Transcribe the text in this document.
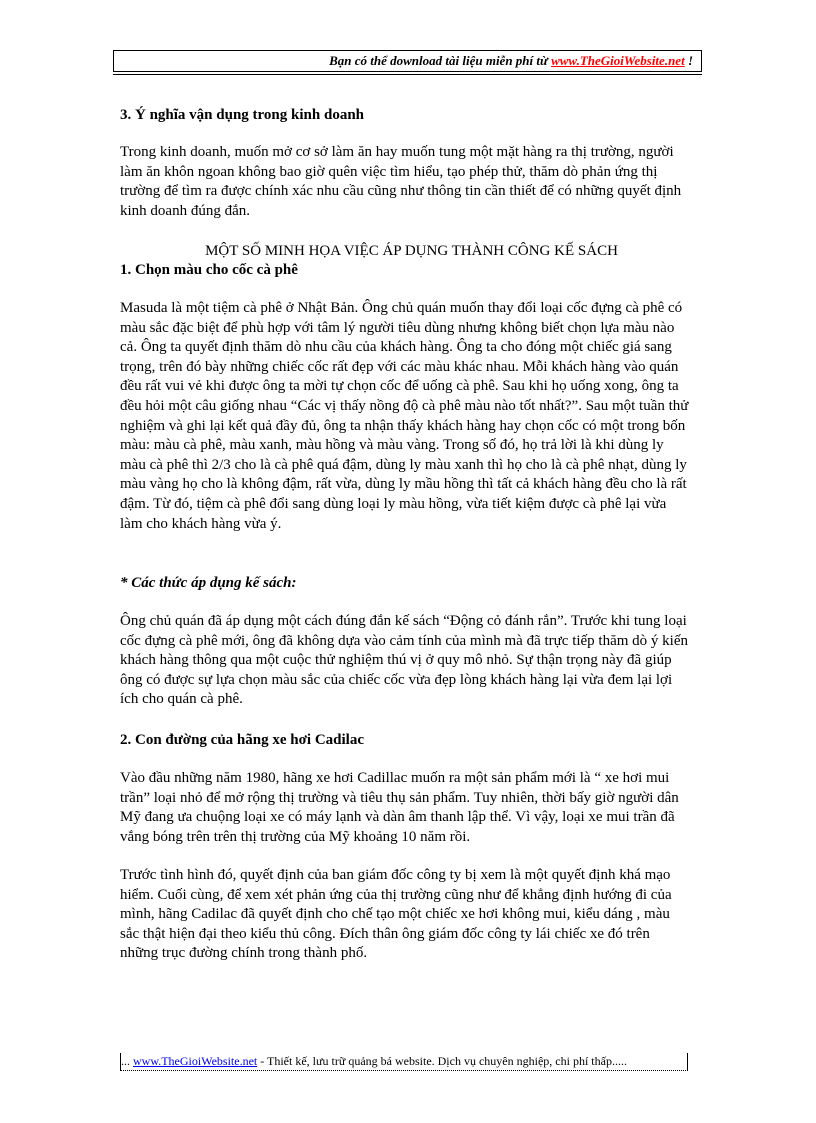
Bạn có thể download tài liệu miễn phí từ www.TheGioiWebsite.net !
3. Ý nghĩa vận dụng trong kinh doanh

Trong kinh doanh, muốn mở cơ sở làm ăn hay muốn tung một mặt hàng ra thị trường, người làm ăn khôn ngoan không bao giờ quên việc tìm hiểu, tạo phép thử, thăm dò phản ứng thị trường để tìm ra được chính xác nhu cầu cũng như thông tin cần thiết để có những quyết định kinh doanh đúng đắn.

MỘT SỐ MINH HỌA VIỆC ÁP DỤNG THÀNH CÔNG KẾ SÁCH
1. Chọn màu cho cốc cà phê

Masuda là một tiệm cà phê ở Nhật Bản. Ông chủ quán muốn thay đổi loại cốc đựng cà phê có màu sắc đặc biệt để phù hợp với tâm lý người tiêu dùng nhưng không biết chọn lựa màu nào cả. Ông ta quyết định thăm dò nhu cầu của khách hàng. Ông ta cho đóng một chiếc giá sang trọng, trên đó bày những chiếc cốc rất đẹp với các màu khác nhau. Mỗi khách hàng vào quán đều rất vui vẻ khi được ông ta mời tự chọn cốc để uống cà phê. Sau khi họ uống xong, ông ta đều hỏi một câu giống nhau “Các vị thấy nồng độ cà phê màu nào tốt nhất?”. Sau một tuần thử nghiệm và ghi lại kết quả đầy đủ, ông ta nhận thấy khách hàng hay chọn cốc có một trong bốn màu: màu cà phê, màu xanh, màu hồng và màu vàng. Trong số đó, họ trả lời là khi dùng ly màu cà phê thì 2/3 cho là cà phê quá đậm, dùng ly màu xanh thì họ cho là cà phê nhạt, dùng ly màu vàng họ cho là không đậm, rất vừa, dùng ly mầu hồng thì tất cả khách hàng đều cho là rất đậm. Từ đó, tiệm cà phê đổi sang dùng loại ly màu hồng, vừa tiết kiệm được cà phê lại vừa làm cho khách hàng vừa ý.

* Các thức áp dụng kế sách:

Ông chủ quán đã áp dụng một cách đúng đắn kế sách “Động cỏ đánh rắn”. Trước khi tung loại cốc đựng cà phê mới, ông đã không dựa vào cảm tính của mình mà đã trực tiếp thăm dò ý kiến khách hàng thông qua một cuộc thử nghiệm thú vị ở quy mô nhỏ. Sự thận trọng này đã giúp ông có được sự lựa chọn màu sắc của chiếc cốc vừa đẹp lòng khách hàng lại vừa đem lại lợi ích cho quán cà phê.

2. Con đường của hãng xe hơi Cadilac

Vào đầu những năm 1980, hãng xe hơi Cadillac muốn ra một sản phẩm mới là “ xe hơi mui trần” loại nhỏ để mở rộng thị trường và tiêu thụ sản phẩm. Tuy nhiên, thời bấy giờ người dân Mỹ đang ưa chuộng loại xe có máy lạnh và dàn âm thanh lập thể. Vì vậy, loại xe mui trần đã vắng bóng trên trên thị trường của Mỹ khoảng 10 năm rồi.

Trước tình hình đó, quyết định của ban giám đốc công ty bị xem là một quyết định khá mạo hiểm. Cuối cùng, để xem xét phản ứng của thị trường cũng như để khẳng định hướng đi của mình, hãng Cadilac đã quyết định cho chế tạo một chiếc xe hơi không mui, kiểu dáng , màu sắc thật hiện đại theo kiểu thủ công. Đích thân ông giám đốc công ty lái chiếc xe đó trên những trục đường chính trong thành phố.

... www.TheGioiWebsite.net - Thiết kế, lưu trữ quảng bá website. Dịch vụ chuyên nghiệp, chi phí thấp.....
